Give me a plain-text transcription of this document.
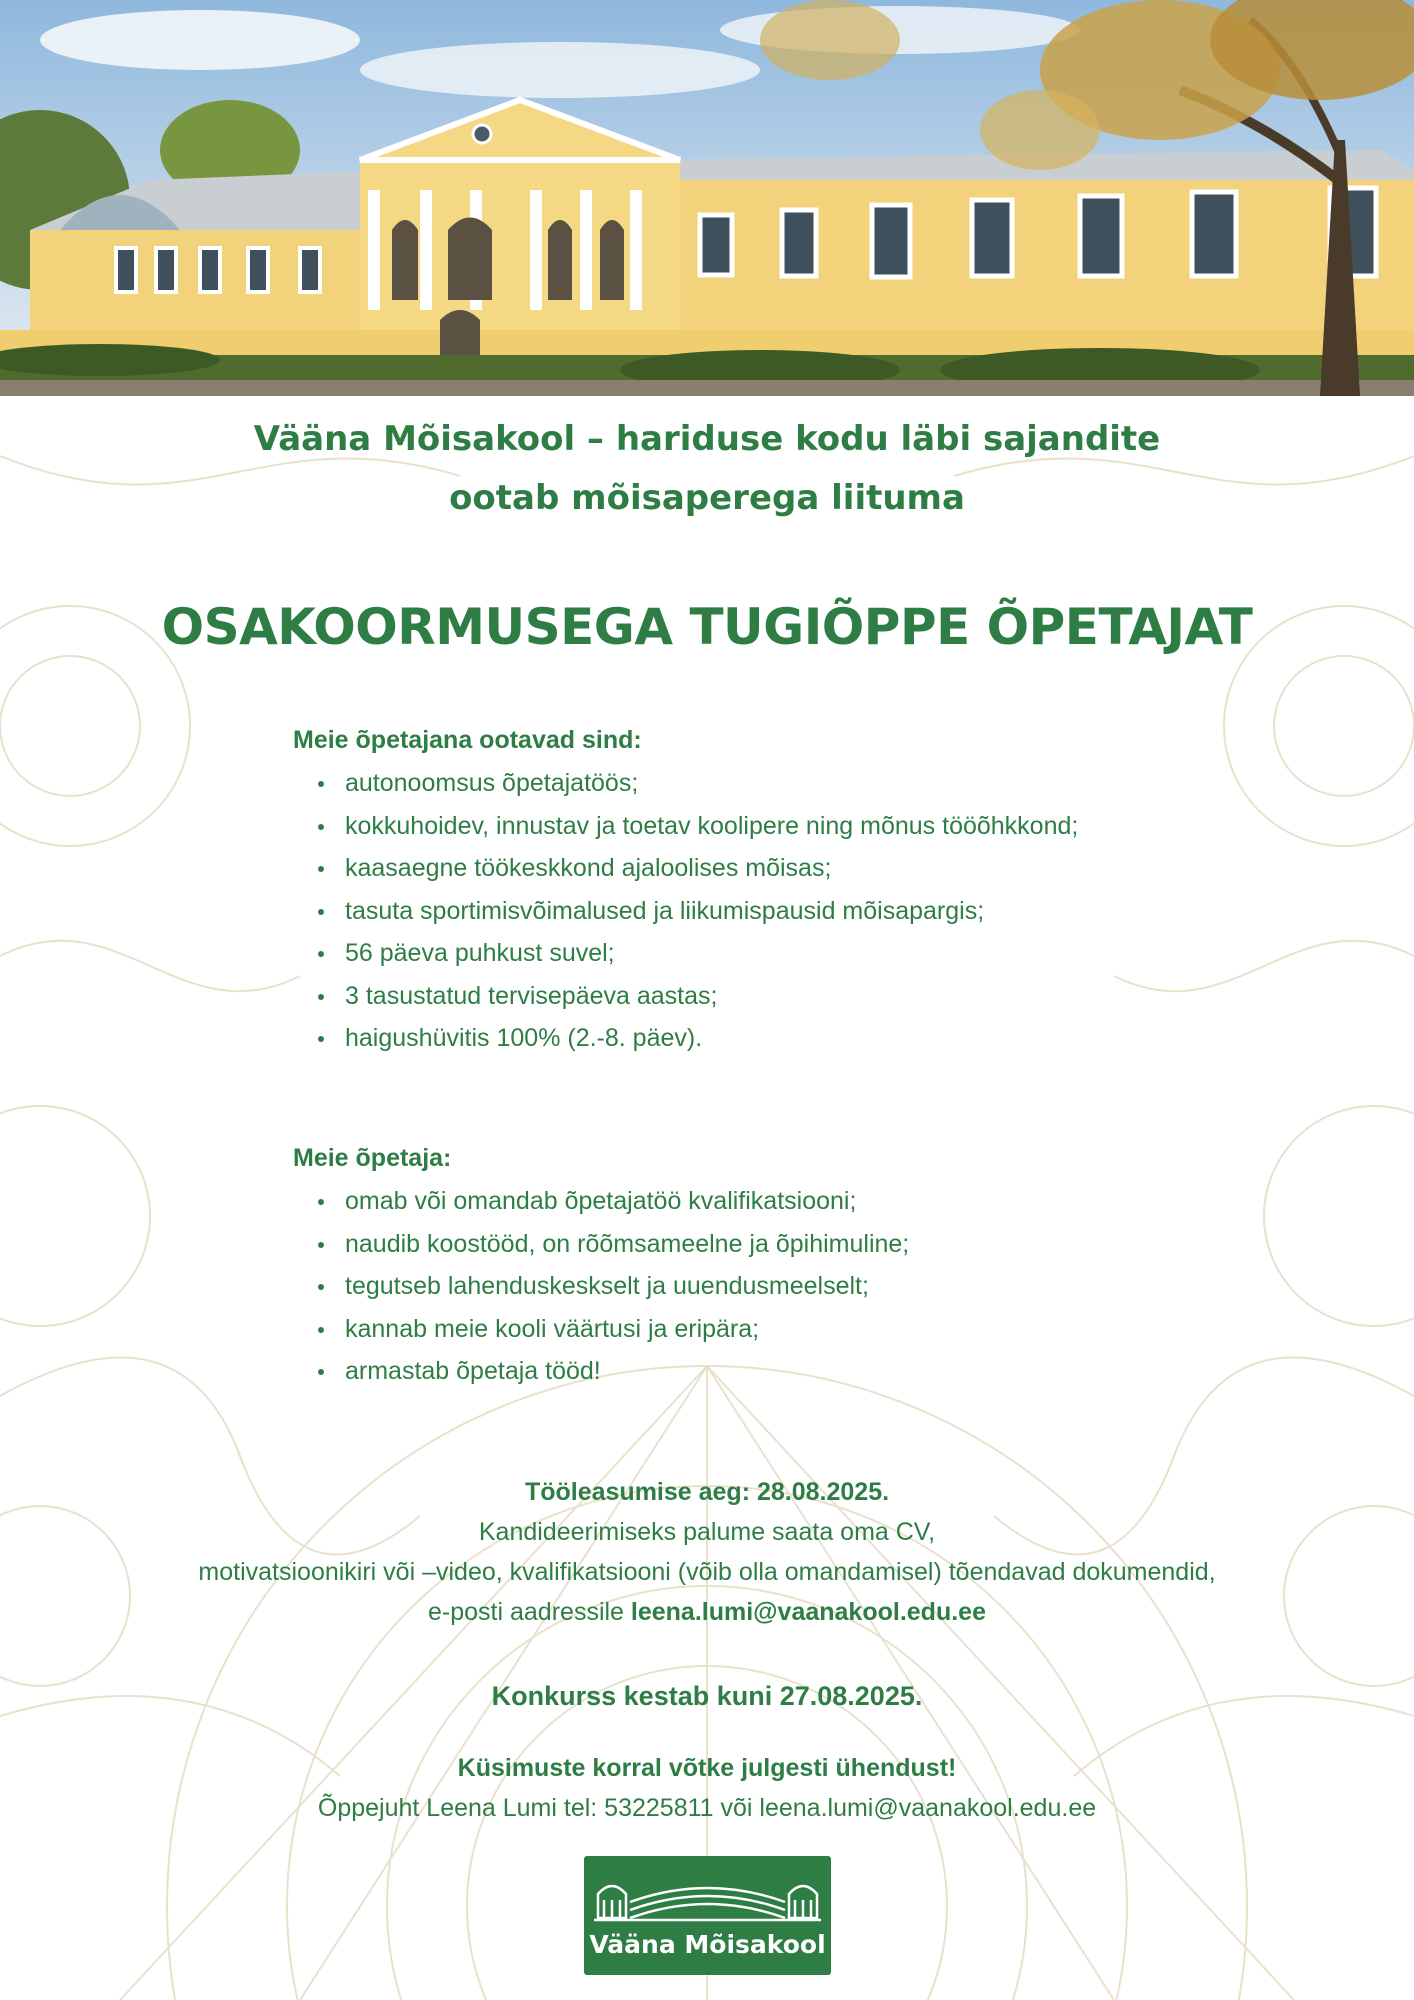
Vääna Mõisakool – hariduse kodu läbi sajandite
ootab mõisaperega liituma
OSAKOORMUSEGA TUGIÕPPE ÕPETAJAT
Meie õpetajana ootavad sind:
autonoomsus õpetajatöös;
kokkuhoidev, innustav ja toetav koolipere ning mõnus tööõhkkond;
kaasaegne töökeskkond ajaloolises mõisas;
tasuta sportimisvõimalused ja liikumispausid mõisapargis;
56 päeva puhkust suvel;
3 tasustatud tervisepäeva aastas;
haigushüvitis 100% (2.-8. päev).
Meie õpetaja:
omab või omandab õpetajatöö kvalifikatsiooni;
naudib koostööd, on rõõmsameelne ja õpihimuline;
tegutseb lahenduskeskselt ja uuendusmeelselt;
kannab meie kooli väärtusi ja eripära;
armastab õpetaja tööd!

Tööleasumise aeg: 28.08.2025.

Kandideerimiseks palume saata oma CV,

motivatsioonikiri või –video, kvalifikatsiooni (võib olla omandamisel) tõendavad dokumendid,

e-posti aadressile leena.lumi@vaanakool.edu.ee

Konkurss kestab kuni 27.08.2025.

Küsimuste korral võtke julgesti ühendust!

Õppejuht Leena Lumi tel: 53225811 või leena.lumi@vaanakool.edu.ee

Vääna Mõisakool
